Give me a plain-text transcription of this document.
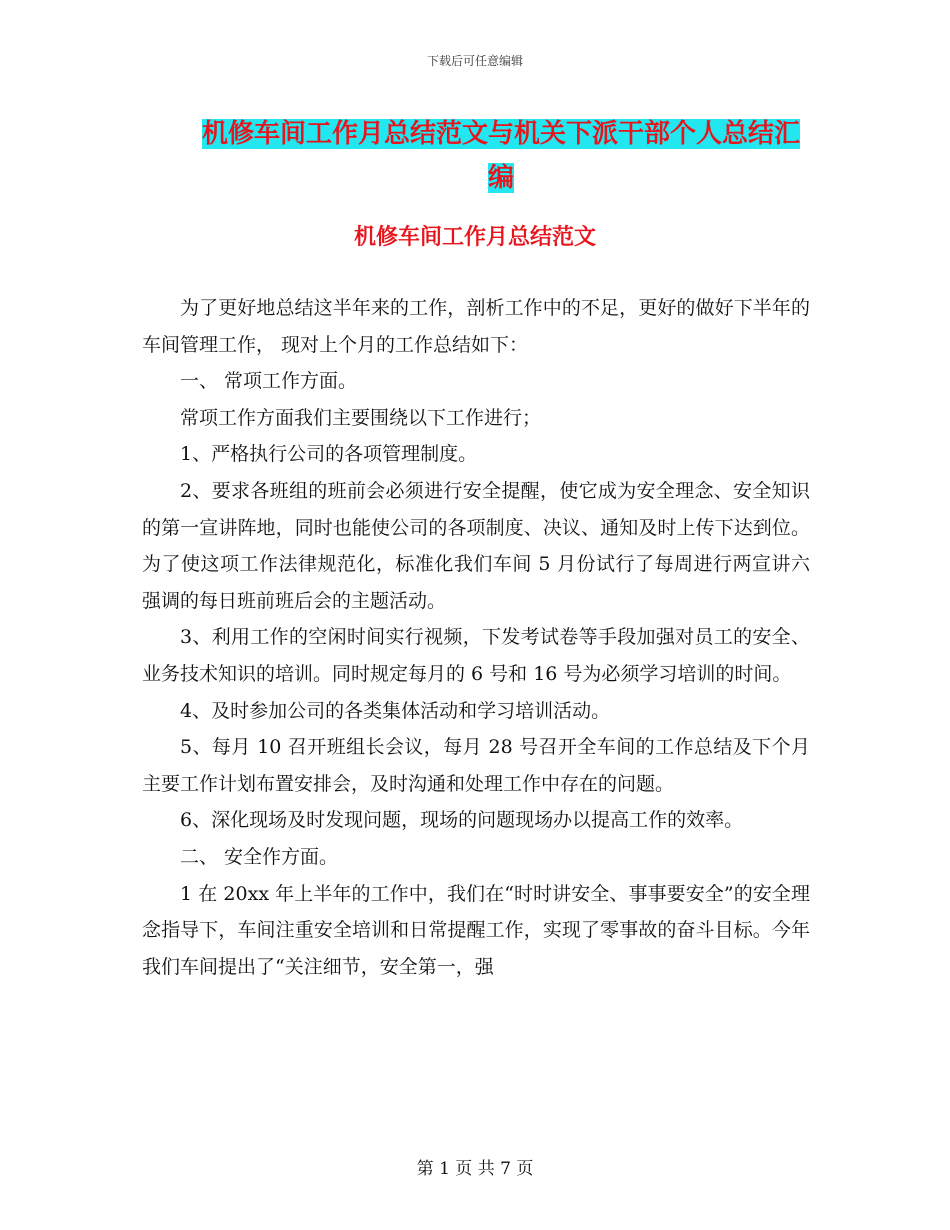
下载后可任意编辑
机修车间工作月总结范文与机关下派干部个人总结汇编
机修车间工作月总结范文

为了更好地总结这半年来的工作，剖析工作中的不足，更好的做好下半年的车间管理工作， 现对上个月的工作总结如下：

一、 常项工作方面。

常项工作方面我们主要围绕以下工作进行；

1、严格执行公司的各项管理制度。

2、要求各班组的班前会必须进行安全提醒，使它成为安全理念、安全知识的第一宣讲阵地，同时也能使公司的各项制度、决议、通知及时上传下达到位。为了使这项工作法律规范化，标准化我们车间 5 月份试行了每周进行两宣讲六强调的每日班前班后会的主题活动。

3、利用工作的空闲时间实行视频，下发考试卷等手段加强对员工的安全、 业务技术知识的培训。同时规定每月的 6 号和 16 号为必须学习培训的时间。

4、及时参加公司的各类集体活动和学习培训活动。

5、每月 10 召开班组长会议，每月 28 号召开全车间的工作总结及下个月主要工作计划布置安排会，及时沟通和处理工作中存在的问题。

6、深化现场及时发现问题，现场的问题现场办以提高工作的效率。

二、 安全作方面。

1 在 20xx 年上半年的工作中，我们在“时时讲安全、事事要安全”的安全理念指导下，车间注重安全培训和日常提醒工作，实现了零事故的奋斗目标。今年我们车间提出了“关注细节，安全第一，强

第 1 页 共 7 页
